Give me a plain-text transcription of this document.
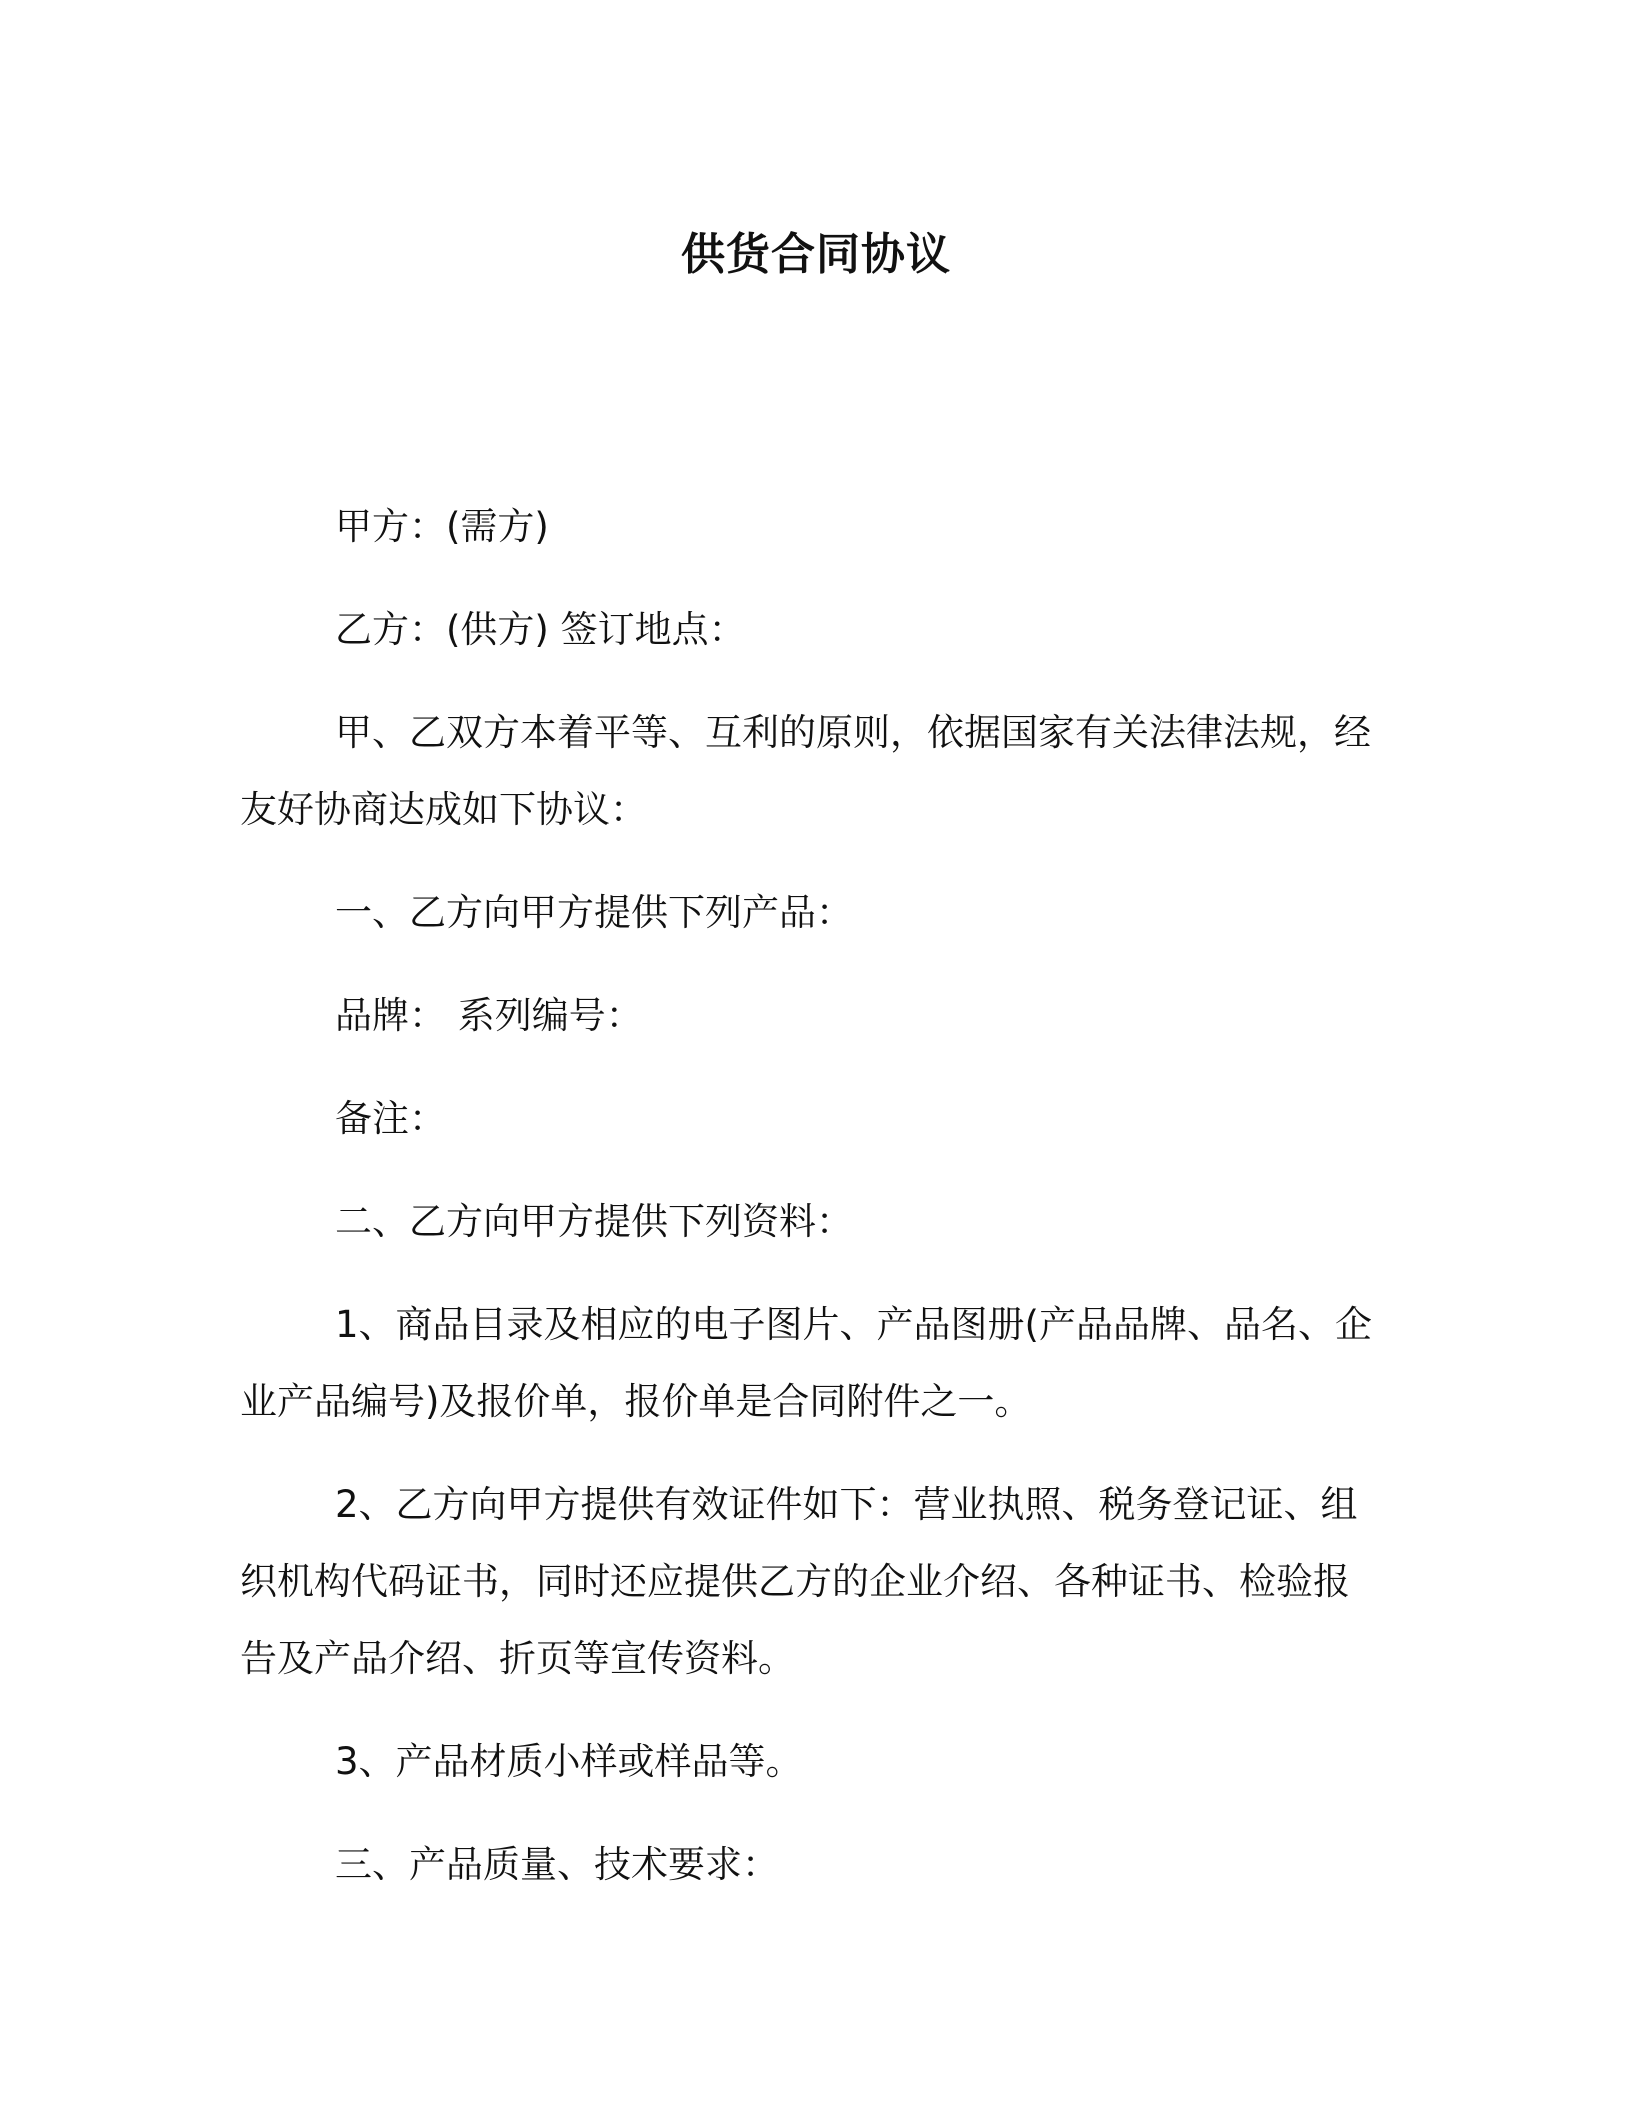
供货合同协议

甲方：(需方)

乙方：(供方) 签订地点：

甲、乙双方本着平等、互利的原则，依据国家有关法律法规，经
友好协商达成如下协议：

一、乙方向甲方提供下列产品：

品牌： 系列编号：

备注：

二、乙方向甲方提供下列资料：

1、商品目录及相应的电子图片、产品图册(产品品牌、品名、企
业产品编号)及报价单，报价单是合同附件之一。

2、乙方向甲方提供有效证件如下：营业执照、税务登记证、组
织机构代码证书，同时还应提供乙方的企业介绍、各种证书、检验报
告及产品介绍、折页等宣传资料。

3、产品材质小样或样品等。

三、产品质量、技术要求：
